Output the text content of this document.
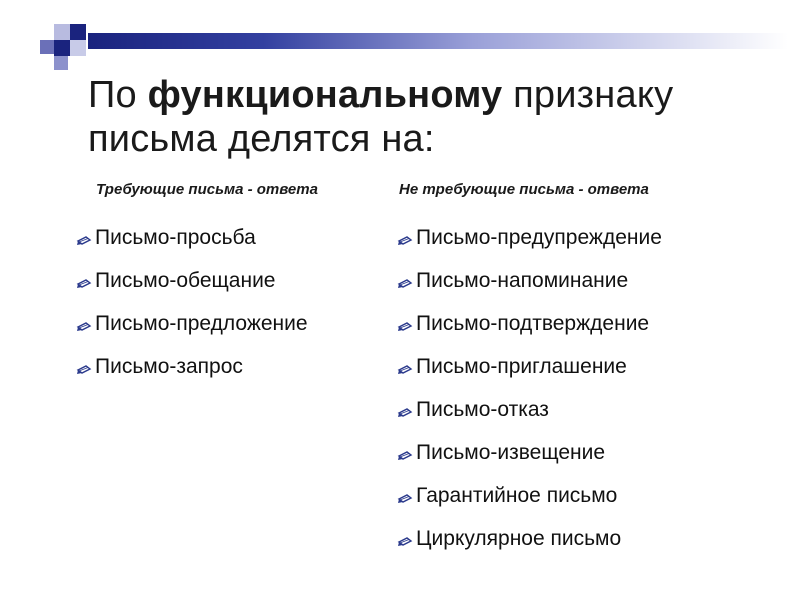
По функциональному признаку письма делятся на:
Требующие письма - ответа	Не требующие письма - ответа
Письмо-просьба
Письмо-обещание
Письмо-предложение
Письмо-запрос
Письмо-предупреждение
Письмо-напоминание
Письмо-подтверждение
Письмо-приглашение
Письмо-отказ
Письмо-извещение
Гарантийное письмо
Циркулярное письмо
